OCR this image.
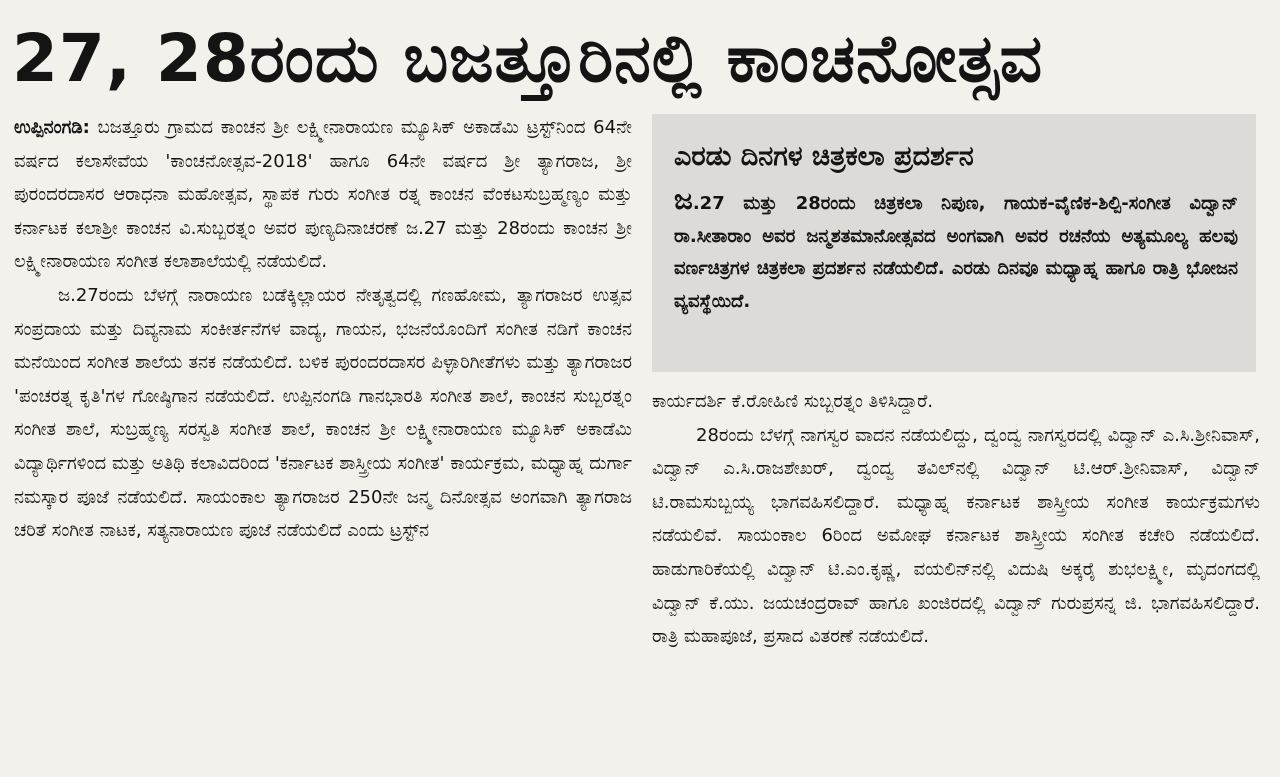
27, 28ರಂದು ಬಜತ್ತೂರಿನಲ್ಲಿ ಕಾಂಚನೋತ್ಸವ

ಉಪ್ಪಿನಂಗಡಿ: ಬಜತ್ತೂರು ಗ್ರಾಮದ ಕಾಂಚನ ಶ್ರೀ ಲಕ್ಷ್ಮೀನಾರಾಯಣ ಮ್ಯೂಸಿಕ್ ಅಕಾಡೆಮಿ ಟ್ರಸ್ಟ್‌ನಿಂದ 64ನೇ ವರ್ಷದ ಕಲಾಸೇವೆಯ 'ಕಾಂಚನೋತ್ಸವ-2018' ಹಾಗೂ 64ನೇ ವರ್ಷದ ಶ್ರೀ ತ್ಯಾಗರಾಜ, ಶ್ರೀ ಪುರಂದರದಾಸರ ಆರಾಧನಾ ಮಹೋತ್ಸವ, ಸ್ಥಾಪಕ ಗುರು ಸಂಗೀತ ರತ್ನ ಕಾಂಚನ ವೆಂಕಟಸುಬ್ರಹ್ಮಣ್ಯಂ ಮತ್ತು ಕರ್ನಾಟಕ ಕಲಾಶ್ರೀ ಕಾಂಚನ ವಿ.ಸುಬ್ಬರತ್ನಂ ಅವರ ಪುಣ್ಯದಿನಾಚರಣೆ ಜ.27 ಮತ್ತು 28ರಂದು ಕಾಂಚನ ಶ್ರೀ ಲಕ್ಷ್ಮೀನಾರಾಯಣ ಸಂಗೀತ ಕಲಾಶಾಲೆಯಲ್ಲಿ ನಡೆಯಲಿದೆ.

ಜ.27ರಂದು ಬೆಳಗ್ಗೆ ನಾರಾಯಣ ಬಡೆಕ್ಕಿಲ್ಲಾಯರ ನೇತೃತ್ವದಲ್ಲಿ ಗಣಹೋಮ, ತ್ಯಾಗರಾಜರ ಉತ್ಸವ ಸಂಪ್ರದಾಯ ಮತ್ತು ದಿವ್ಯನಾಮ ಸಂಕೀರ್ತನೆಗಳ ವಾದ್ಯ, ಗಾಯನ, ಭಜನೆಯೊಂದಿಗೆ ಸಂಗೀತ ನಡಿಗೆ ಕಾಂಚನ ಮನೆಯಿಂದ ಸಂಗೀತ ಶಾಲೆಯ ತನಕ ನಡೆಯಲಿದೆ. ಬಳಿಕ ಪುರಂದರದಾಸರ ಪಿಳ್ಳಾರಿಗೀತೆಗಳು ಮತ್ತು ತ್ಯಾಗರಾಜರ 'ಪಂಚರತ್ನ ಕೃತಿ'ಗಳ ಗೋಷ್ಠಿಗಾನ ನಡೆಯಲಿದೆ. ಉಪ್ಪಿನಂಗಡಿ ಗಾನಭಾರತಿ ಸಂಗೀತ ಶಾಲೆ, ಕಾಂಚನ ಸುಬ್ಬರತ್ನಂ ಸಂಗೀತ ಶಾಲೆ, ಸುಬ್ರಹ್ಮಣ್ಯ ಸರಸ್ವತಿ ಸಂಗೀತ ಶಾಲೆ, ಕಾಂಚನ ಶ್ರೀ ಲಕ್ಷ್ಮೀನಾರಾಯಣ ಮ್ಯೂಸಿಕ್ ಅಕಾಡೆಮಿ ವಿದ್ಯಾರ್ಥಿಗಳಿಂದ ಮತ್ತು ಅತಿಥಿ ಕಲಾವಿದರಿಂದ 'ಕರ್ನಾಟಕ ಶಾಸ್ತ್ರೀಯ ಸಂಗೀತ' ಕಾರ್ಯಕ್ರಮ, ಮಧ್ಯಾಹ್ನ ದುರ್ಗಾ ನಮಸ್ಕಾರ ಪೂಜೆ ನಡೆಯಲಿದೆ. ಸಾಯಂಕಾಲ ತ್ಯಾಗರಾಜರ 250ನೇ ಜನ್ಮ ದಿನೋತ್ಸವ ಅಂಗವಾಗಿ ತ್ಯಾಗರಾಜ ಚರಿತೆ ಸಂಗೀತ ನಾಟಕ, ಸತ್ಯನಾರಾಯಣ ಪೂಜೆ ನಡೆಯಲಿದೆ ಎಂದು ಟ್ರಸ್ಟ್‌ನ

ಎರಡು ದಿನಗಳ ಚಿತ್ರಕಲಾ ಪ್ರದರ್ಶನ

ಜ.27 ಮತ್ತು 28ರಂದು ಚಿತ್ರಕಲಾ ನಿಪುಣ, ಗಾಯಕ-ವೈಣಿಕ-ಶಿಲ್ಪಿ-ಸಂಗೀತ ವಿದ್ವಾನ್ ರಾ.ಸೀತಾರಾಂ ಅವರ ಜನ್ಮಶತಮಾನೋತ್ಸವದ ಅಂಗವಾಗಿ ಅವರ ರಚನೆಯ ಅತ್ಯಮೂಲ್ಯ ಹಲವು ವರ್ಣಚಿತ್ರಗಳ ಚಿತ್ರಕಲಾ ಪ್ರದರ್ಶನ ನಡೆಯಲಿದೆ. ಎರಡು ದಿನವೂ ಮಧ್ಯಾಹ್ನ ಹಾಗೂ ರಾತ್ರಿ ಭೋಜನ ವ್ಯವಸ್ಥೆಯಿದೆ.

ಕಾರ್ಯದರ್ಶಿ ಕೆ.ರೋಹಿಣಿ ಸುಬ್ಬರತ್ನಂ ತಿಳಿಸಿದ್ದಾರೆ.

28ರಂದು ಬೆಳಗ್ಗೆ ನಾಗಸ್ವರ ವಾದನ ನಡೆಯಲಿದ್ದು, ದ್ವಂದ್ವ ನಾಗಸ್ವರದಲ್ಲಿ ವಿದ್ವಾನ್ ಎ.ಸಿ.ಶ್ರೀನಿವಾಸ್, ವಿದ್ವಾನ್ ಎ.ಸಿ.ರಾಜಶೇಖರ್, ದ್ವಂದ್ವ ತವಿಲ್‌ನಲ್ಲಿ ವಿದ್ವಾನ್ ಟಿ.ಆರ್.ಶ್ರೀನಿವಾಸ್, ವಿದ್ವಾನ್ ಟಿ.ರಾಮಸುಬ್ಬಯ್ಯ ಭಾಗವಹಿಸಲಿದ್ದಾರೆ. ಮಧ್ಯಾಹ್ನ ಕರ್ನಾಟಕ ಶಾಸ್ತ್ರೀಯ ಸಂಗೀತ ಕಾರ್ಯಕ್ರಮಗಳು ನಡೆಯಲಿವೆ. ಸಾಯಂಕಾಲ 6ರಿಂದ ಅಮೋಘ ಕರ್ನಾಟಕ ಶಾಸ್ತ್ರೀಯ ಸಂಗೀತ ಕಚೇರಿ ನಡೆಯಲಿದೆ. ಹಾಡುಗಾರಿಕೆಯಲ್ಲಿ ವಿದ್ವಾನ್ ಟಿ.ಎಂ.ಕೃಷ್ಣ, ವಯಲಿನ್‌ನಲ್ಲಿ ವಿದುಷಿ ಅಕ್ಕರೈ ಶುಭಲಕ್ಷ್ಮೀ, ಮೃದಂಗದಲ್ಲಿ ವಿದ್ವಾನ್ ಕೆ.ಯು. ಜಯಚಂದ್ರರಾವ್ ಹಾಗೂ ಖಂಜಿರದಲ್ಲಿ ವಿದ್ವಾನ್ ಗುರುಪ್ರಸನ್ನ ಜಿ. ಭಾಗವಹಿಸಲಿದ್ದಾರೆ. ರಾತ್ರಿ ಮಹಾಪೂಜೆ, ಪ್ರಸಾದ ವಿತರಣೆ ನಡೆಯಲಿದೆ.
